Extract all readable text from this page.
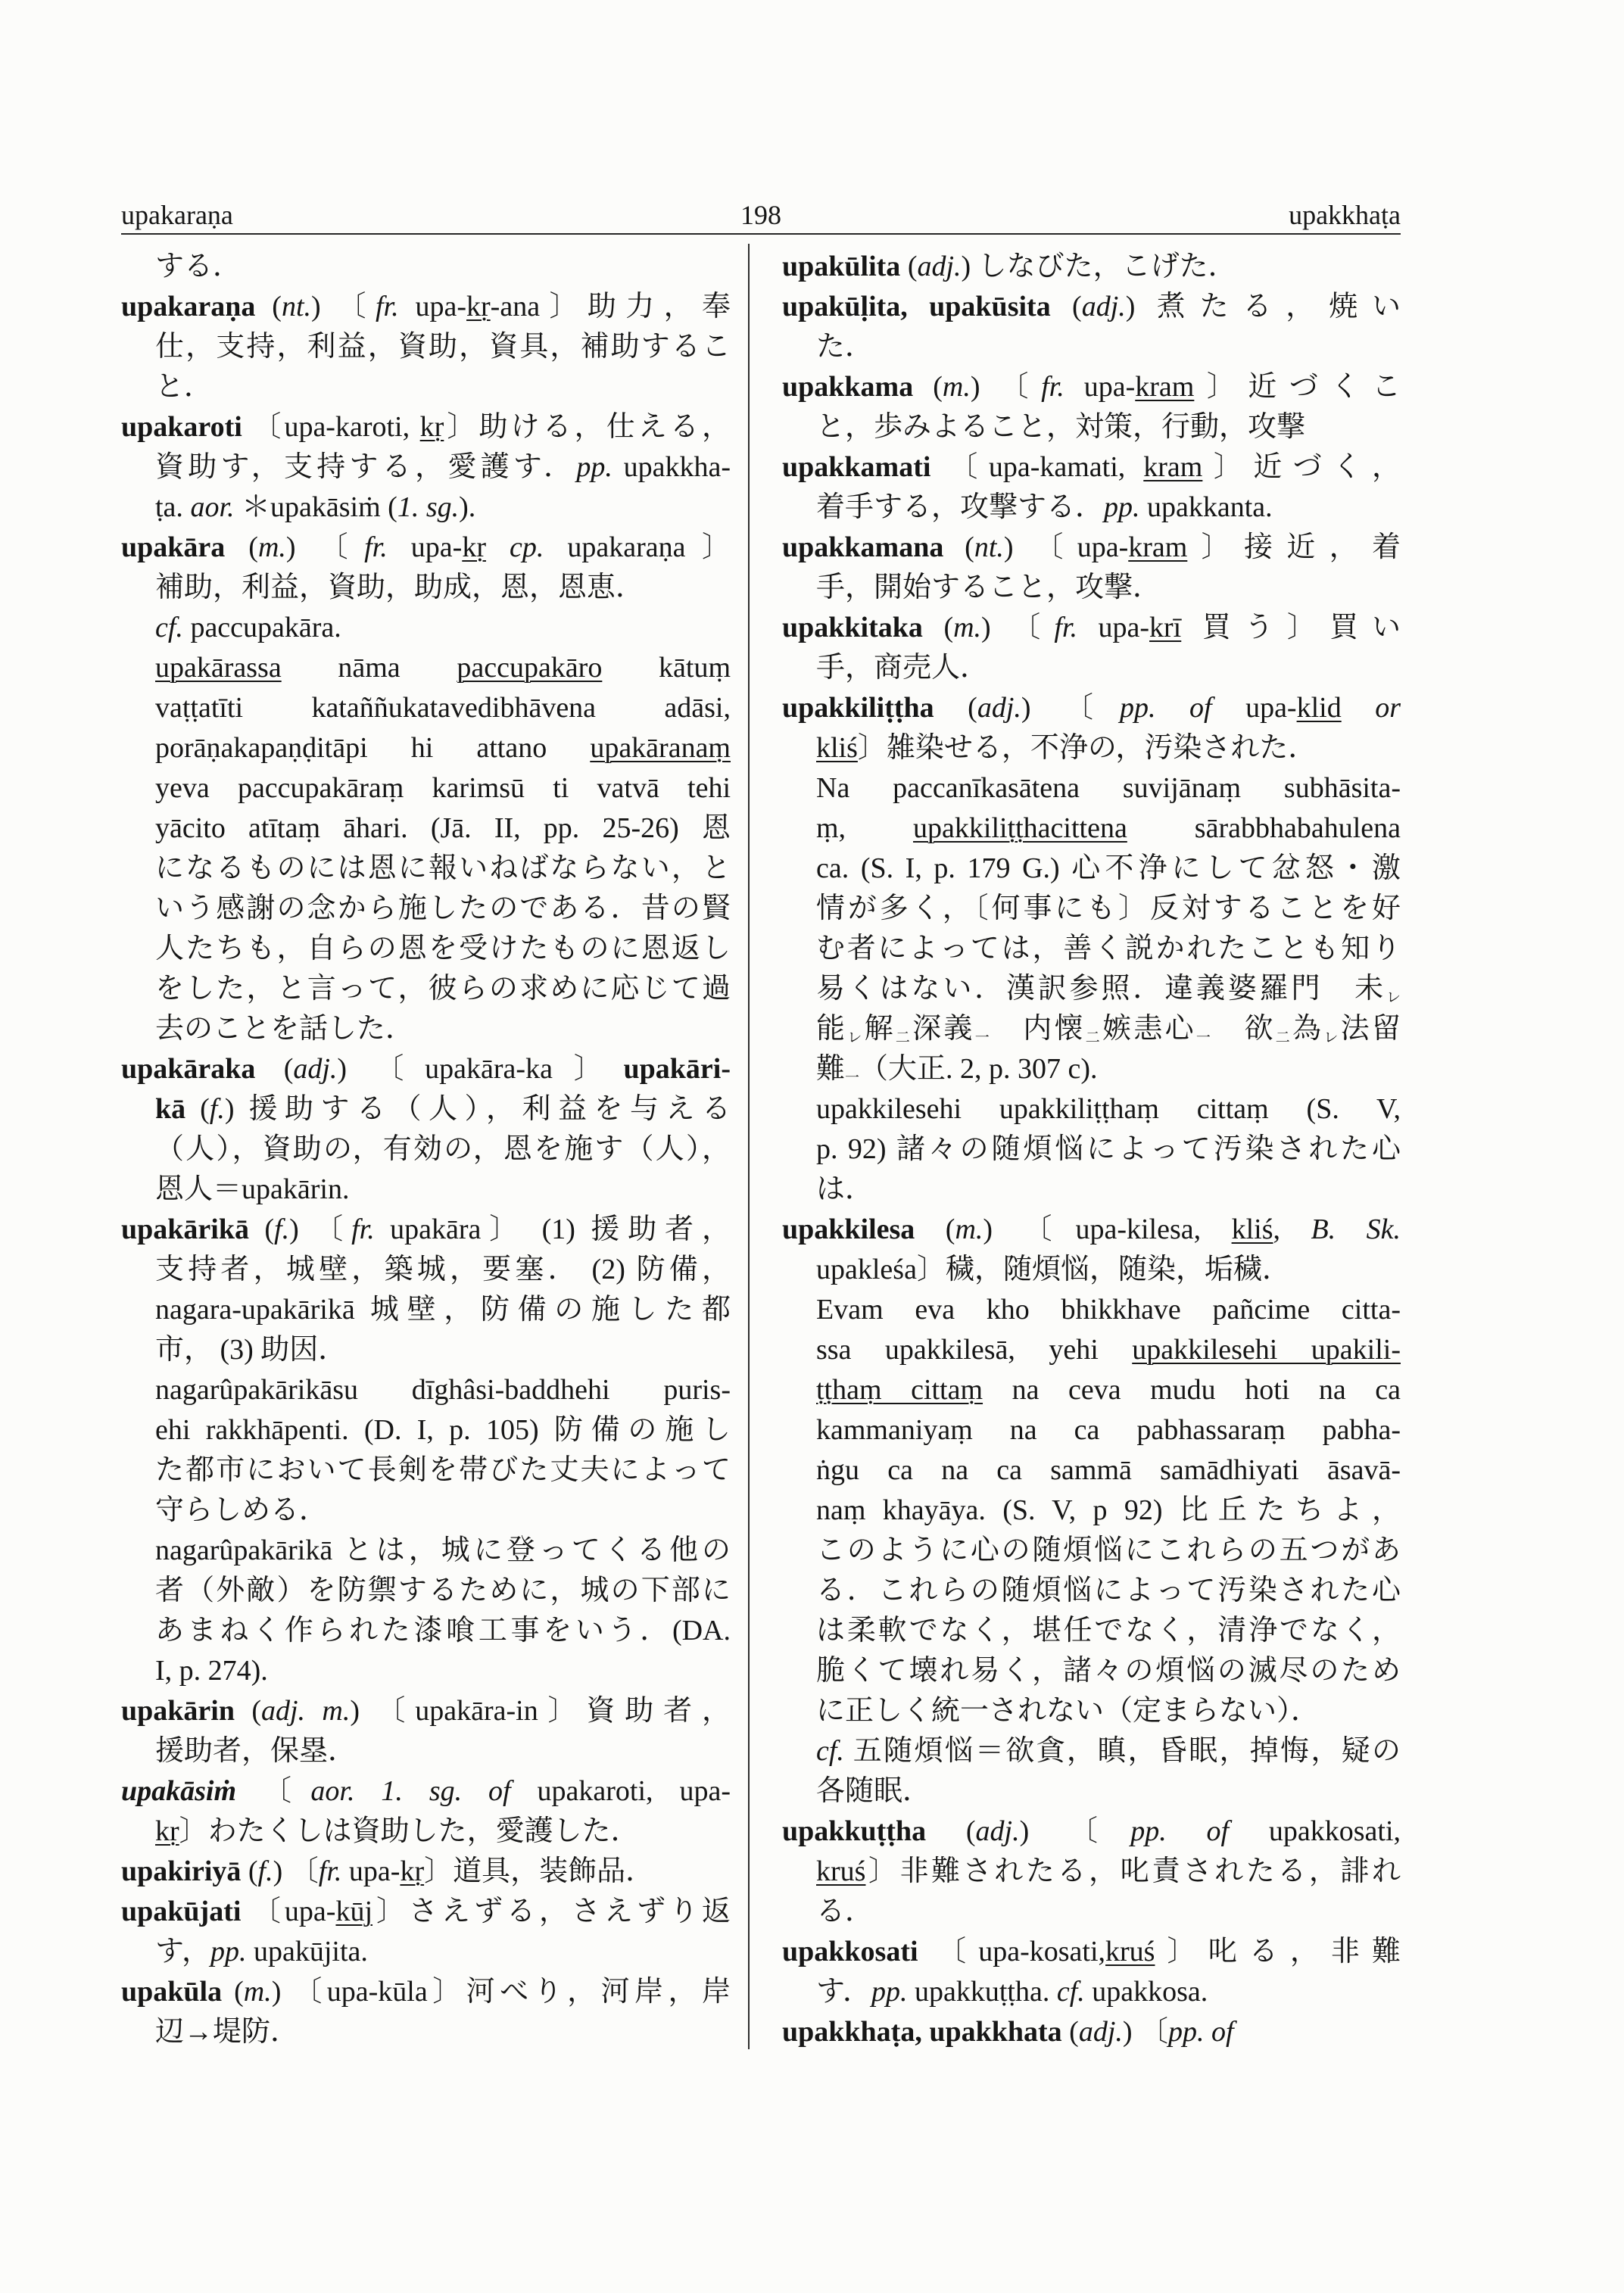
upakaraṇa	198	upakkhaṭa
する．
upakaraṇa (nt.) 〔fr. upa-kṛ-ana〕助力，奉
仕，支持，利益，資助，資具，補助するこ
と．
upakaroti 〔upa-karoti, kṛ〕助ける，仕える，
資助す，支持する，愛護す．pp. upakkha-
ṭa. aor. ＊upakāsiṁ (1. sg.).
upakāra (m.) 〔fr. upa-kṛ cp. upakaraṇa〕
補助，利益，資助，助成，恩，恩恵．
cf. paccupakāra.
upakārassa nāma paccupakāro kātuṃ
vaṭṭatīti kataññukatavedibhāvena adāsi,
porāṇakapaṇḍitāpi hi attano upakāranaṃ
yeva paccupakāraṃ karimsū ti vatvā tehi
yācito atītaṃ āhari. (Jā. II, pp. 25-26) 恩
になるものには恩に報いねばならない，と
いう感謝の念から施したのである．昔の賢
人たちも，自らの恩を受けたものに恩返し
をした，と言って，彼らの求めに応じて過
去のことを話した．
upakāraka (adj.) 〔upakāra-ka〕upakāri-
kā (f.) 援助する（人），利益を与える
（人），資助の，有効の，恩を施す（人），
恩人＝upakārin.
upakārikā (f.) 〔fr. upakāra〕 (1) 援助者，
支持者，城壁，築城，要塞． (2) 防備，
nagara-upakārikā 城壁，防備の施した都
市， (3) 助因．
nagarûpakārikāsu dīghâsi-baddhehi puris-
ehi rakkhāpenti. (D. I, p. 105) 防備の施し
た都市において長剣を帯びた丈夫によって
守らしめる．
nagarûpakārikā とは，城に登ってくる他の
者（外敵）を防禦するために，城の下部に
あまねく作られた漆喰工事をいう．(DA.
I, p. 274).
upakārin (adj. m.) 〔upakāra-in〕資助者，
援助者，保塁．
upakāsiṁ 〔aor. 1. sg. of upakaroti, upa-
kṛ〕わたくしは資助した，愛護した．
upakiriyā (f.) 〔fr. upa-kṛ〕道具，装飾品．
upakūjati 〔upa-kūj〕さえずる，さえずり返
す，pp. upakūjita.
upakūla (m.) 〔upa-kūla〕河べり，河岸，岸
辺→堤防．
upakūlita (adj.) しなびた，こげた．
upakūḷita, upakūsita (adj.) 煮たる，焼い
た．
upakkama (m.) 〔fr. upa-kram〕近づくこ
と，歩みよること，対策，行動，攻撃
upakkamati 〔upa-kamati, kram〕近づく，
着手する，攻撃する．pp. upakkanta.
upakkamana (nt.) 〔upa-kram〕接近，着
手，開始すること，攻撃．
upakkitaka (m.) 〔fr. upa-krī 買う〕買い
手，商売人．
upakkiliṭṭha (adj.) 〔pp. of upa-klid or
kliś〕雑染せる，不浄の，汚染された．
Na paccanīkasātena suvijānaṃ subhāsita-
ṃ, upakkiliṭṭhacittena sārabbhabahulena
ca. (S. I, p. 179 G.) 心不浄にして忿怒・激
情が多く，〔何事にも〕反対することを好
む者によっては，善く説かれたことも知り
易くはない．漢訳参照．違義婆羅門　未レ
能レ解二深義一　内懐二嫉恚心一　欲二為レ法留
難一（大正. 2, p. 307 c).
upakkilesehi upakkiliṭṭhaṃ cittaṃ (S. V,
p. 92) 諸々の随煩悩によって汚染された心
は．
upakkilesa (m.) 〔upa-kilesa, kliś, B. Sk.
upakleśa〕穢，随煩悩，随染，垢穢．
Evam eva kho bhikkhave pañcime citta-
ssa upakkilesā, yehi upakkilesehi upakili-
ṭṭhaṃ cittaṃ na ceva mudu hoti na ca
kammaniyaṃ na ca pabhassaraṃ pabha-
ṅgu ca na ca sammā samādhiyati āsavā-
naṃ khayāya. (S. V, p 92) 比丘たちよ，
このように心の随煩悩にこれらの五つがあ
る．これらの随煩悩によって汚染された心
は柔軟でなく，堪任でなく，清浄でなく，
脆くて壊れ易く，諸々の煩悩の滅尽のため
に正しく統一されない（定まらない）．
cf. 五随煩悩＝欲貪，瞋，昏眠，掉悔，疑の
各随眠．
upakkuṭṭha (adj.) 〔pp. of upakkosati,
kruś〕非難されたる，叱責されたる，誹れ
る．
upakkosati 〔upa-kosati,kruś〕叱る，非難
す．pp. upakkuṭṭha. cf. upakkosa.
upakkhaṭa, upakkhata (adj.) 〔pp. of
